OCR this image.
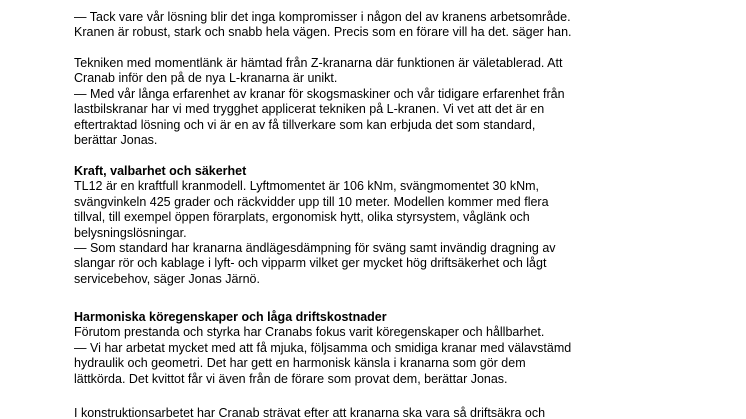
— Tack vare vår lösning blir det inga kompromisser i någon del av kranens arbetsområde.
Kranen är robust, stark och snabb hela vägen. Precis som en förare vill ha det. säger han.
Tekniken med momentlänk är hämtad från Z-kranarna där funktionen är väletablerad. Att
Cranab inför den på de nya L-kranarna är unikt.
— Med vår långa erfarenhet av kranar för skogsmaskiner och vår tidigare erfarenhet från
lastbilskranar har vi med trygghet applicerat tekniken på L-kranen. Vi vet att det är en
eftertraktad lösning och vi är en av få tillverkare som kan erbjuda det som standard,
berättar Jonas.
Kraft, valbarhet och säkerhet
TL12 är en kraftfull kranmodell. Lyftmomentet är 106 kNm, svängmomentet 30 kNm,
svängvinkeln 425 grader och räckvidder upp till 10 meter. Modellen kommer med flera
tillval, till exempel öppen förarplats, ergonomisk hytt, olika styrsystem, våglänk och
belysningslösningar.
— Som standard har kranarna ändlägesdämpning för sväng samt invändig dragning av
slangar rör och kablage i lyft- och vipparm vilket ger mycket hög driftsäkerhet och lågt
servicebehov, säger Jonas Järnö.
Harmoniska köregenskaper och låga driftskostnader
Förutom prestanda och styrka har Cranabs fokus varit köregenskaper och hållbarhet.
— Vi har arbetat mycket med att få mjuka, följsamma och smidiga kranar med välavstämd
hydraulik och geometri. Det har gett en harmonisk känsla i kranarna som gör dem
lättkörda. Det kvittot får vi även från de förare som provat dem, berättar Jonas.
I konstruktionsarbetet har Cranab strävat efter att kranarna ska vara så driftsäkra och
